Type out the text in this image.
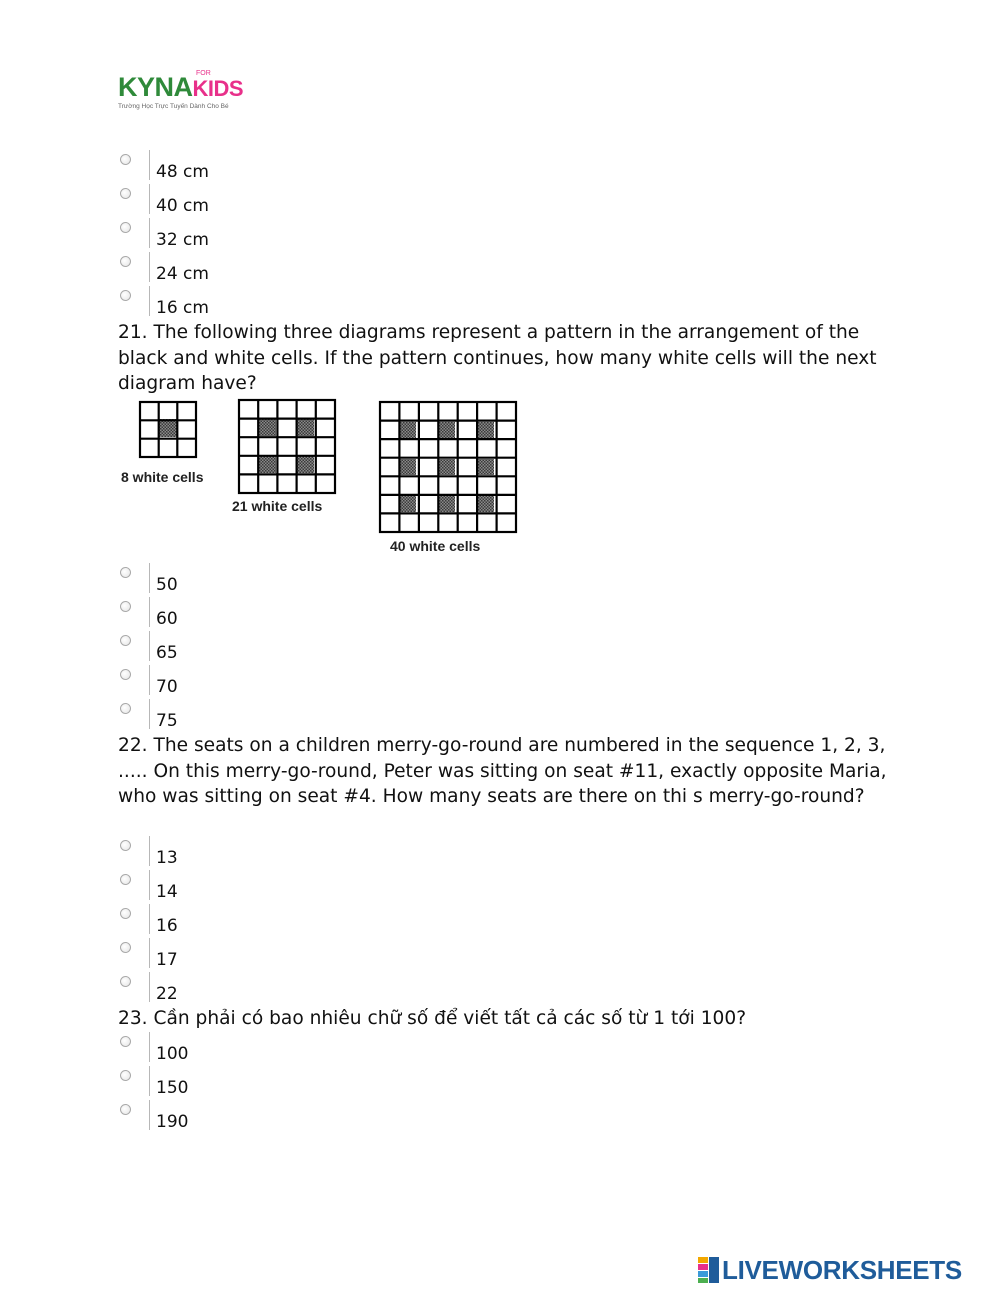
KYNAKIDS
FOR
Trường Học Trực Tuyến Dành Cho Bé
48 cm
40 cm
32 cm
24 cm
16 cm
21. The following three diagrams represent a pattern in the arrangement of the black and white cells. If the pattern continues, how many white cells will the next diagram have?
8 white cells
21 white cells
40 white cells
50
60
65
70
75
22. The seats on a children merry-go-round are numbered in the sequence 1, 2, 3, ..... On this merry-go-round, Peter was sitting on seat #11, exactly opposite Maria, who was sitting on seat #4. How many seats are there on thi s merry-go-round?
13
14
16
17
22
23. Cần phải có bao nhiêu chữ số để viết tất cả các số từ 1 tới 100?
100
150
190
LIVEWORKSHEETS
